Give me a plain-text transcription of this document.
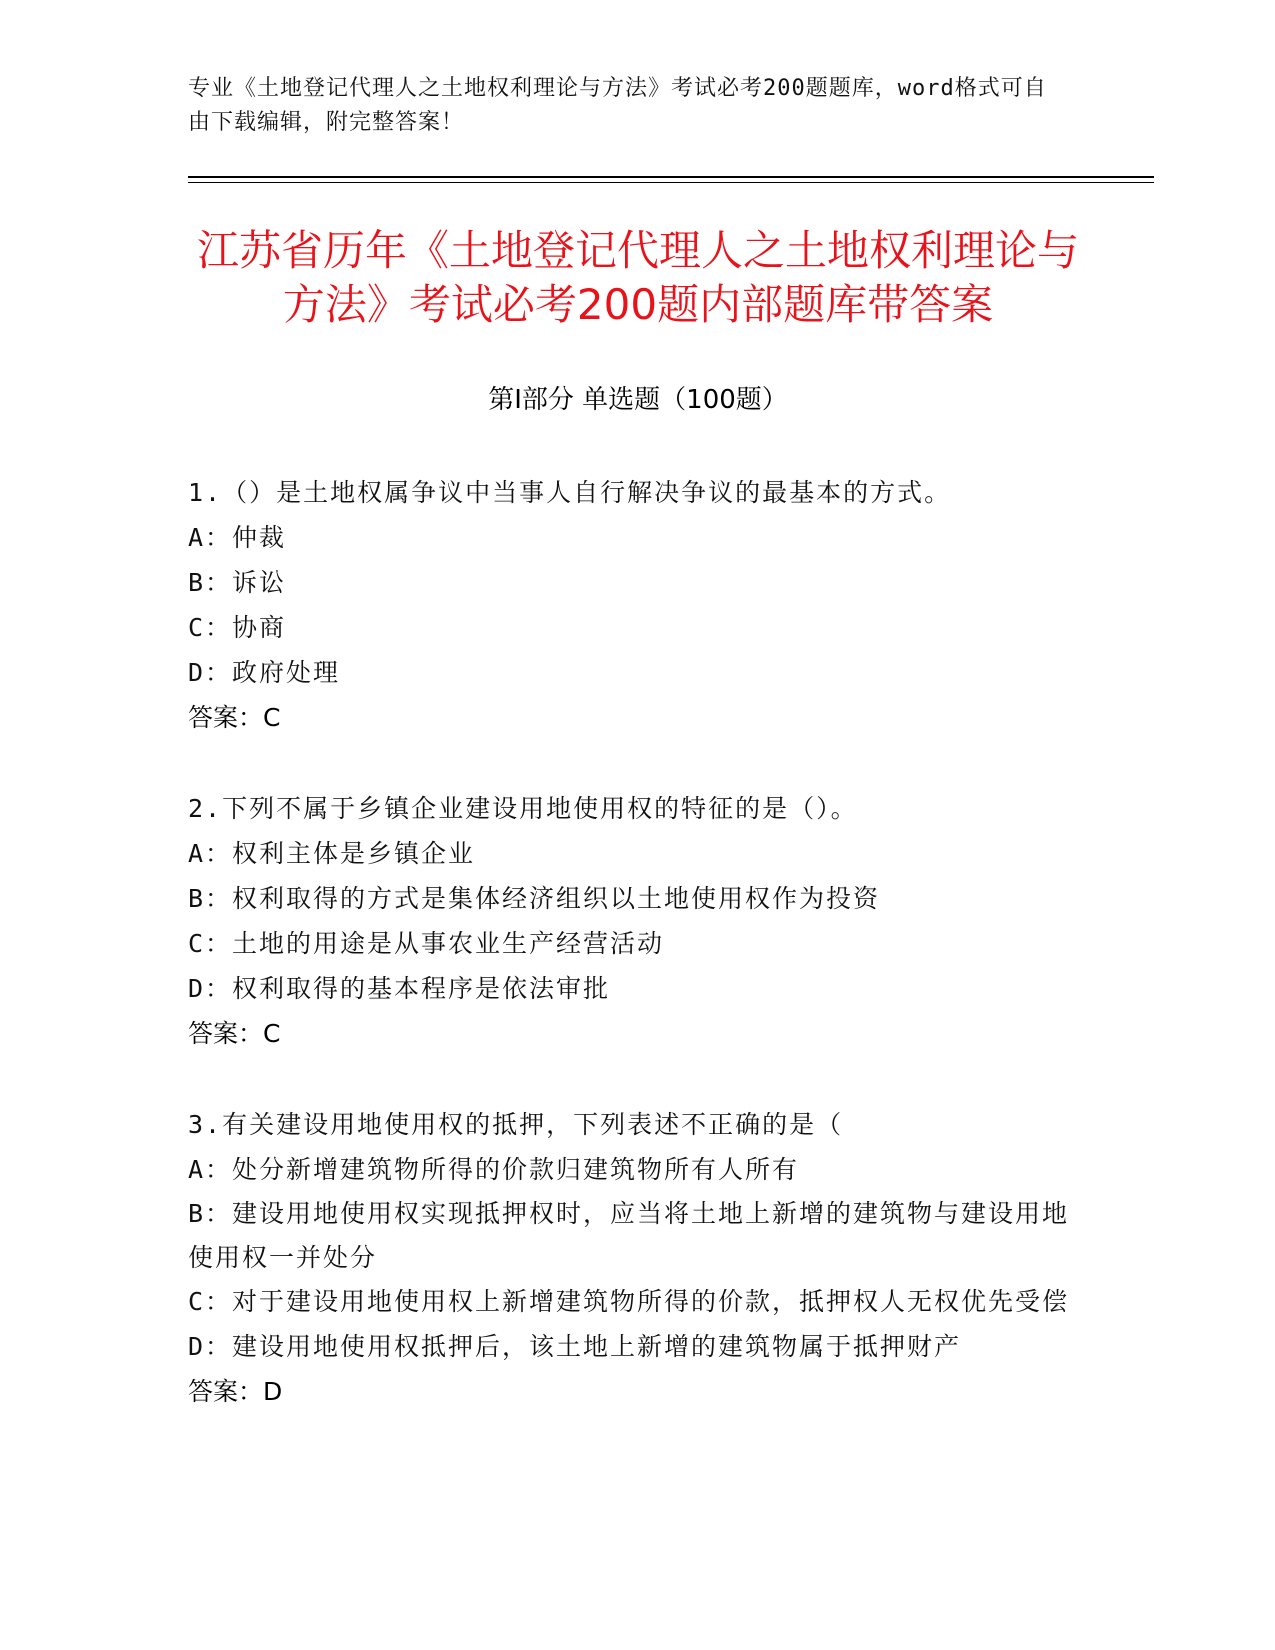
专业《土地登记代理人之土地权利理论与方法》考试必考200题题库，word格式可自由下载编辑，附完整答案！
江苏省历年《土地登记代理人之土地权利理论与方法》考试必考200题内部题库带答案
第Ⅰ部分 单选题（100题）
1.（）是土地权属争议中当事人自行解决争议的最基本的方式。
A：仲裁
B：诉讼
C：协商
D：政府处理
答案：C
2.下列不属于乡镇企业建设用地使用权的特征的是（）。
A：权利主体是乡镇企业
B：权利取得的方式是集体经济组织以土地使用权作为投资
C：土地的用途是从事农业生产经营活动
D：权利取得的基本程序是依法审批
答案：C
3.有关建设用地使用权的抵押，下列表述不正确的是（
A：处分新增建筑物所得的价款归建筑物所有人所有
B：建设用地使用权实现抵押权时，应当将土地上新增的建筑物与建设用地使用权一并处分
C：对于建设用地使用权上新增建筑物所得的价款，抵押权人无权优先受偿
D：建设用地使用权抵押后，该土地上新增的建筑物属于抵押财产
答案：D
